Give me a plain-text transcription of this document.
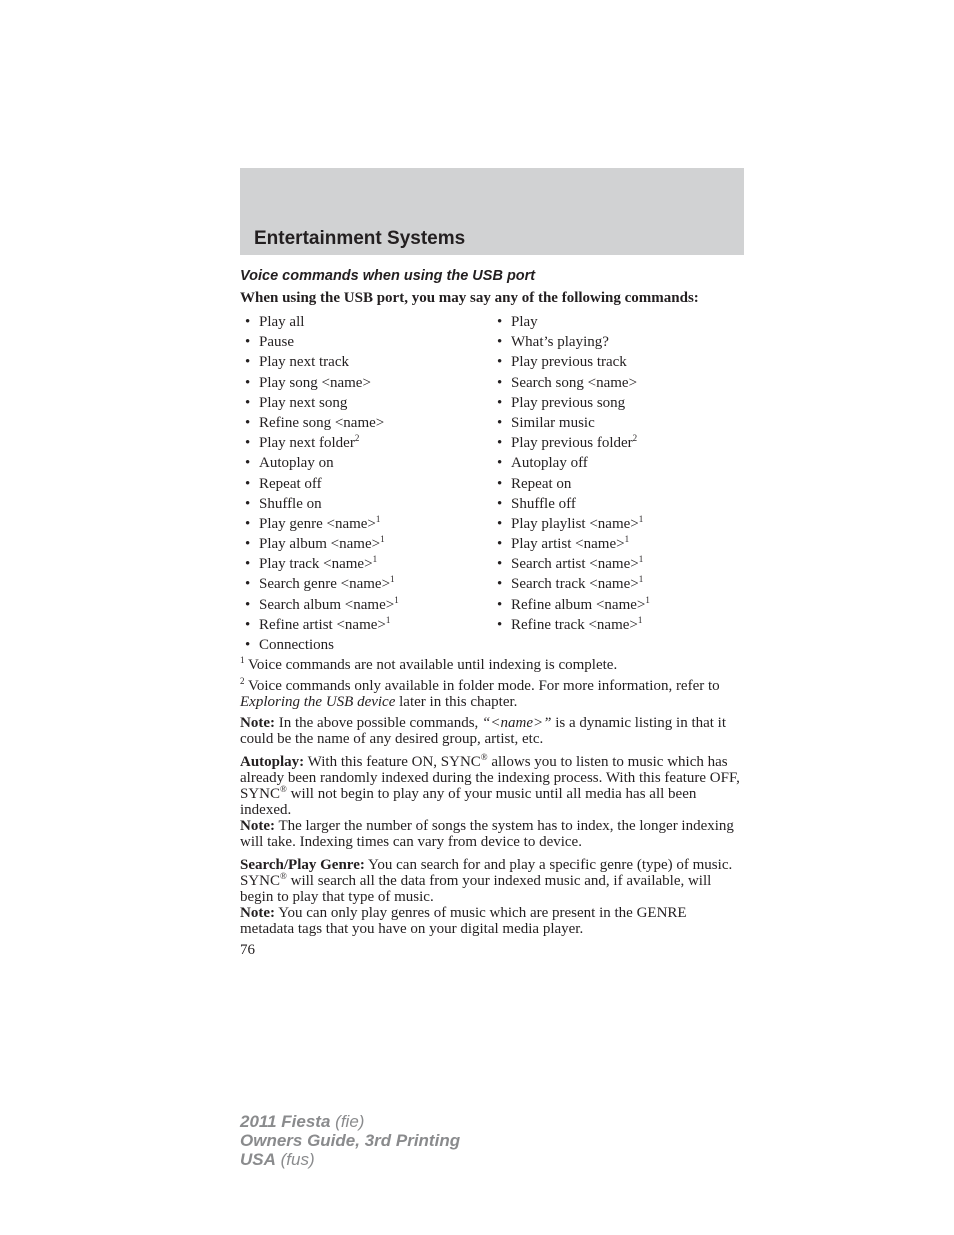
Entertainment Systems
Voice commands when using the USB port

When using the USB port, you may say any of the following commands:

• Play all	• Play
• Pause	• What’s playing?
• Play next track	• Play previous track
• Play song <name>	• Search song <name>
• Play next song	• Play previous song
• Refine song <name>	• Similar music
• Play next folder$^2$	• Play previous folder$^2$
• Autoplay on	• Autoplay off
• Repeat off	• Repeat on
• Shuffle on	• Shuffle off
• Play genre <name>$^1$	• Play playlist <name>$^1$
• Play album <name>$^1$	• Play artist <name>$^1$
• Play track <name>$^1$	• Search artist <name>$^1$
• Search genre <name>$^1$	• Search track <name>$^1$
• Search album <name>$^1$	• Refine album <name>$^1$
• Refine artist <name>$^1$	• Refine track <name>$^1$
• Connections

$^1$ Voice commands are not available until indexing is complete.

$^2$ Voice commands only available in folder mode. For more information, refer to Exploring the USB device later in this chapter.

Note: In the above possible commands, “<name>” is a dynamic listing in that it could be the name of any desired group, artist, etc.

Autoplay: With this feature ON, SYNC® allows you to listen to music which has already been randomly indexed during the indexing process. With this feature OFF, SYNC® will not begin to play any of your music until all media has all been indexed.

Note: The larger the number of songs the system has to index, the longer indexing will take. Indexing times can vary from device to device.

Search/Play Genre: You can search for and play a specific genre (type) of music. SYNC® will search all the data from your indexed music and, if available, will begin to play that type of music.

Note: You can only play genres of music which are present in the GENRE metadata tags that you have on your digital media player.

76

2011 Fiesta (fie)
Owners Guide, 3rd Printing
USA (fus)
